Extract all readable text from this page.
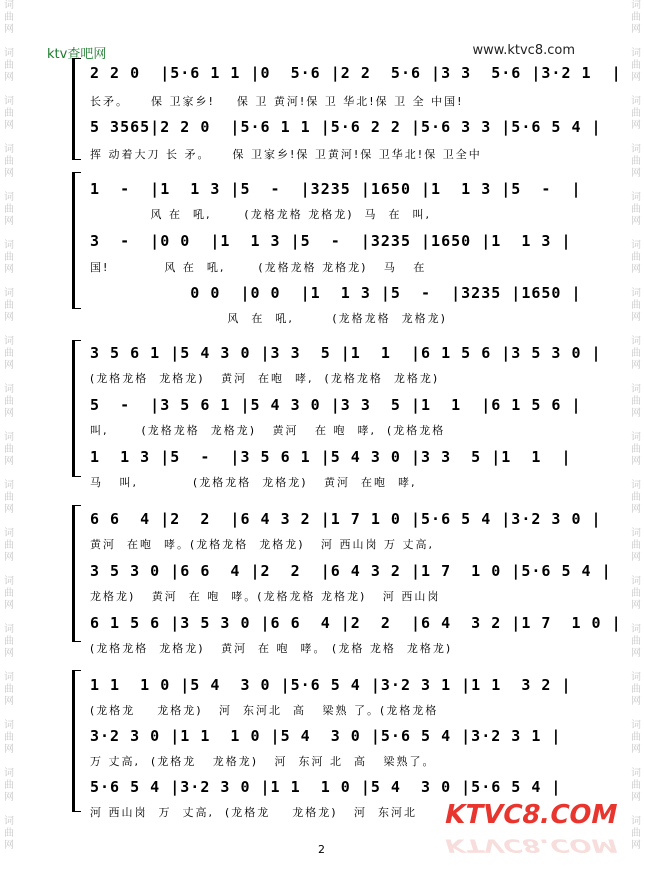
词
曲
网

词
曲
网

词
曲
网

词
曲
网

词
曲
网

词
曲
网

词
曲
网

词
曲
网

词
曲
网

词
曲
网

词
曲
网

词
曲
网

词
曲
网

词
曲
网

词
曲
网

词
曲
网

词
曲
网

词
曲
网
词
曲
网

词
曲
网

词
曲
网

词
曲
网

词
曲
网

词
曲
网

词
曲
网

词
曲
网

词
曲
网

词
曲
网

词
曲
网

词
曲
网

词
曲
网

词
曲
网

词
曲
网

词
曲
网

词
曲
网

词
曲
网
ktv查吧网	www.ktvc8.com
2 2 0  |5·6 1 1 |0  5·6 |2 2  5·6 |3 3  5·6 |3·2 1  |
长矛。    保 卫家乡!    保 卫 黄河!保 卫 华北!保 卫 全 中国!
5 3565|2 2 0  |5·6 1 1 |5·6 2 2 |5·6 3 3 |5·6 5 4 |
挥 动着大刀 长 矛。    保 卫家乡!保 卫黄河!保 卫华北!保 卫全中
1  -  |1  1 3 |5  -  |3235 |1650 |1  1 3 |5  -  |
风 在  吼,      (龙格龙格 龙格龙)  马  在  叫,
3  -  |0 0  |1  1 3 |5  -  |3235 |1650 |1  1 3 |
国!          风 在  吼,      (龙格龙格 龙格龙)   马   在
0 0  |0 0  |1  1 3 |5  -  |3235 |1650 |
风  在  吼,       (龙格龙格  龙格龙)
3 5 6 1 |5 4 3 0 |3 3  5 |1  1  |6 1 5 6 |3 5 3 0 |
(龙格龙格  龙格龙)   黄河  在咆  哮,  (龙格龙格  龙格龙)
5  -  |3 5 6 1 |5 4 3 0 |3 3  5 |1  1  |6 1 5 6 |
叫,      (龙格龙格  龙格龙)   黄河   在 咆  哮,  (龙格龙格
1  1 3 |5  -  |3 5 6 1 |5 4 3 0 |3 3  5 |1  1  |
马   叫,          (龙格龙格  龙格龙)   黄河  在咆  哮,
6 6  4 |2  2  |6 4 3 2 |1 7 1 0 |5·6 5 4 |3·2 3 0 |
黄河  在咆  哮。(龙格龙格  龙格龙)   河 西山岗 万 丈高,
3 5 3 0 |6 6  4 |2  2  |6 4 3 2 |1 7  1 0 |5·6 5 4 |
龙格龙)   黄河  在 咆  哮。(龙格龙格 龙格龙)   河 西山岗
6 1 5 6 |3 5 3 0 |6 6  4 |2  2  |6 4  3 2 |1 7  1 0 |
(龙格龙格  龙格龙)   黄河  在 咆  哮。 (龙格 龙格  龙格龙)
1 1  1 0 |5 4  3 0 |5·6 5 4 |3·2 3 1 |1 1  3 2 |
(龙格龙    龙格龙)   河  东河北  高   梁熟 了。(龙格龙格
3·2 3 0 |1 1  1 0 |5 4  3 0 |5·6 5 4 |3·2 3 1 |
万 丈高,  (龙格龙   龙格龙)   河  东河 北  高   梁熟了。
5·6 5 4 |3·2 3 0 |1 1  1 0 |5 4  3 0 |5·6 5 4 |
河 西山岗  万  丈高,  (龙格龙    龙格龙)   河  东河北 KTVC8.COM
KTVC8.COM
2
